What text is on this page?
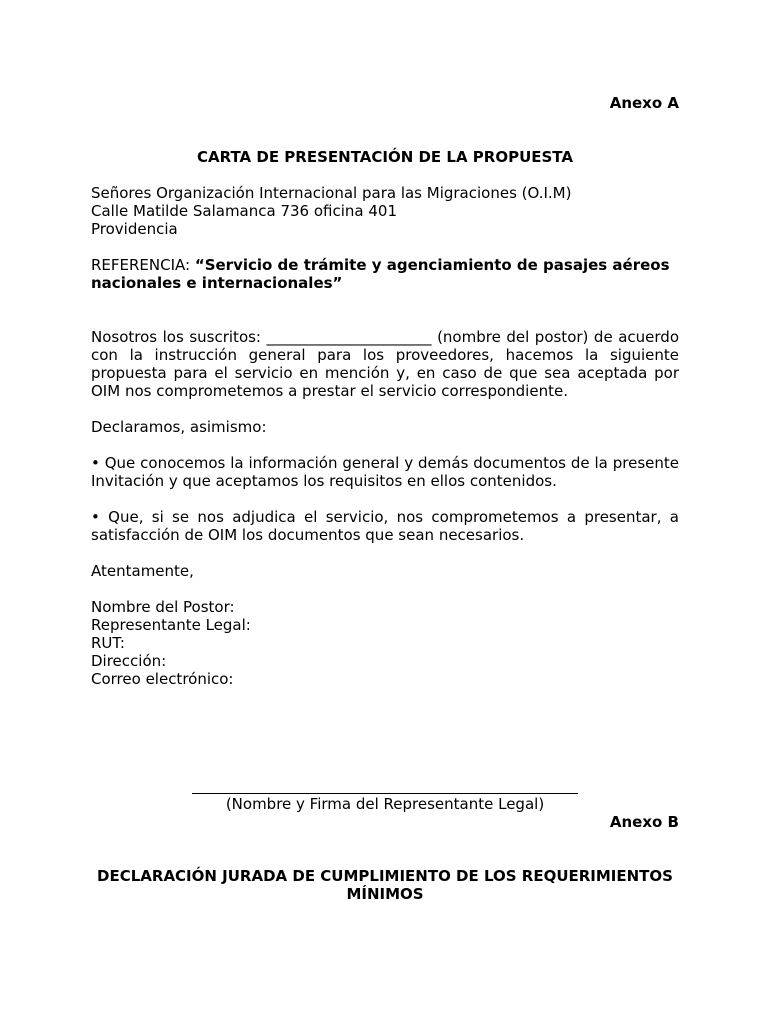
Anexo A
CARTA DE PRESENTACIÓN DE LA PROPUESTA
Señores Organización Internacional para las Migraciones (O.I.M)
Calle Matilde Salamanca 736 oficina 401
Providencia
REFERENCIA: “Servicio de trámite y agenciamiento de pasajes aéreos nacionales e internacionales”
Nosotros los suscritos: ______________________ (nombre del postor) de acuerdo con la instrucción general para los proveedores, hacemos la siguiente propuesta para el servicio en mención y, en caso de que sea aceptada por OIM nos comprometemos a prestar el servicio correspondiente.
Declaramos, asimismo:
• Que conocemos la información general y demás documentos de la presente Invitación y que aceptamos los requisitos en ellos contenidos.
• Que, si se nos adjudica el servicio, nos comprometemos a presentar, a satisfacción de OIM los documentos que sean necesarios.
Atentamente,
Nombre del Postor:
Representante Legal:
RUT:
Dirección:
Correo electrónico:
(Nombre y Firma del Representante Legal)
Anexo B
DECLARACIÓN JURADA DE CUMPLIMIENTO DE LOS REQUERIMIENTOS
MÍNIMOS
